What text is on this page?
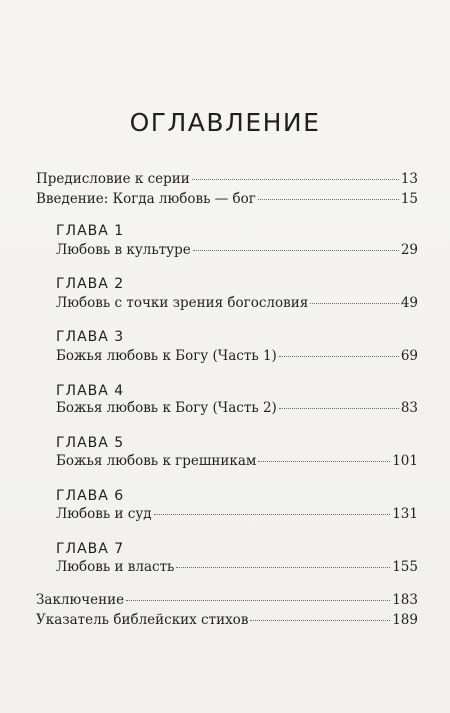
ОГЛАВЛЕНИЕ
Предисловие к серии	13
Введение: Когда любовь — бог	15
ГЛАВА 1
Любовь в культуре	29
ГЛАВА 2
Любовь с точки зрения богословия	49
ГЛАВА 3
Божья любовь к Богу (Часть 1)	69
ГЛАВА 4
Божья любовь к Богу (Часть 2)	83
ГЛАВА 5
Божья любовь к грешникам	101
ГЛАВА 6
Любовь и суд	131
ГЛАВА 7
Любовь и власть	155
Заключение	183
Указатель библейских стихов	189
